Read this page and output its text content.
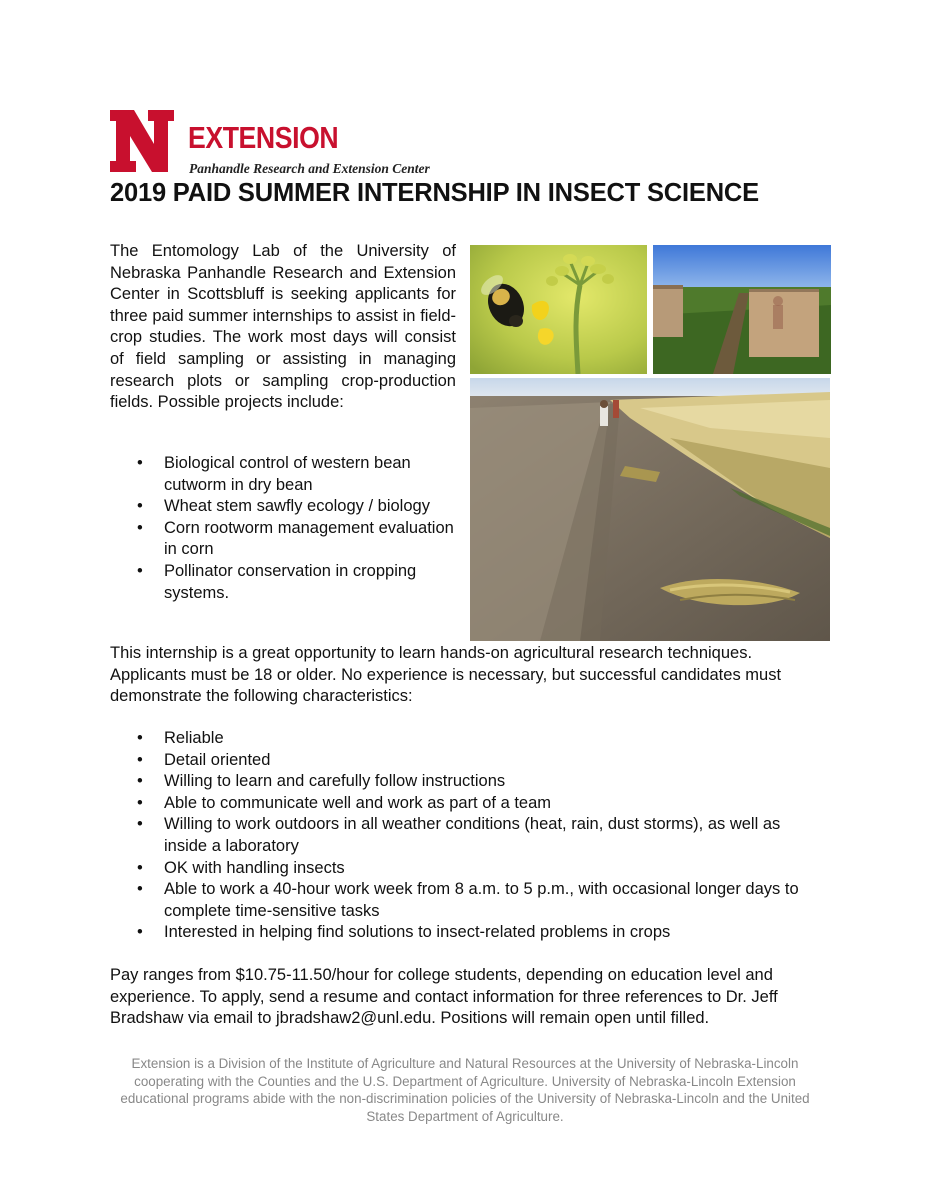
EXTENSION
Panhandle Research and Extension Center
2019 PAID SUMMER INTERNSHIP IN INSECT SCIENCE

The Entomology Lab of the University of Nebraska Panhandle Research and Extension Center in Scottsbluff is seeking applicants for three paid summer internships to assist in field-crop studies. The work most days will consist of field sampling or assisting in managing research plots or sampling crop-production fields. Possible projects include:

• Biological control of western bean cutworm in dry bean
• Wheat stem sawfly ecology / biology
• Corn rootworm management evaluation in corn
• Pollinator conservation in cropping systems.

This internship is a great opportunity to learn hands-on agricultural research techniques. Applicants must be 18 or older. No experience is necessary, but successful candidates must demonstrate the following characteristics:

• Reliable
• Detail oriented
• Willing to learn and carefully follow instructions
• Able to communicate well and work as part of a team
• Willing to work outdoors in all weather conditions (heat, rain, dust storms), as well as inside a laboratory
• OK with handling insects
• Able to work a 40-hour work week from 8 a.m. to 5 p.m., with occasional longer days to complete time-sensitive tasks
• Interested in helping find solutions to insect-related problems in crops

Pay ranges from $10.75-11.50/hour for college students, depending on education level and experience. To apply, send a resume and contact information for three references to Dr. Jeff Bradshaw via email to jbradshaw2@unl.edu. Positions will remain open until filled.

Extension is a Division of the Institute of Agriculture and Natural Resources at the University of Nebraska-Lincoln cooperating with the Counties and the U.S. Department of Agriculture. University of Nebraska-Lincoln Extension educational programs abide with the non-discrimination policies of the University of Nebraska-Lincoln and the United States Department of Agriculture.
